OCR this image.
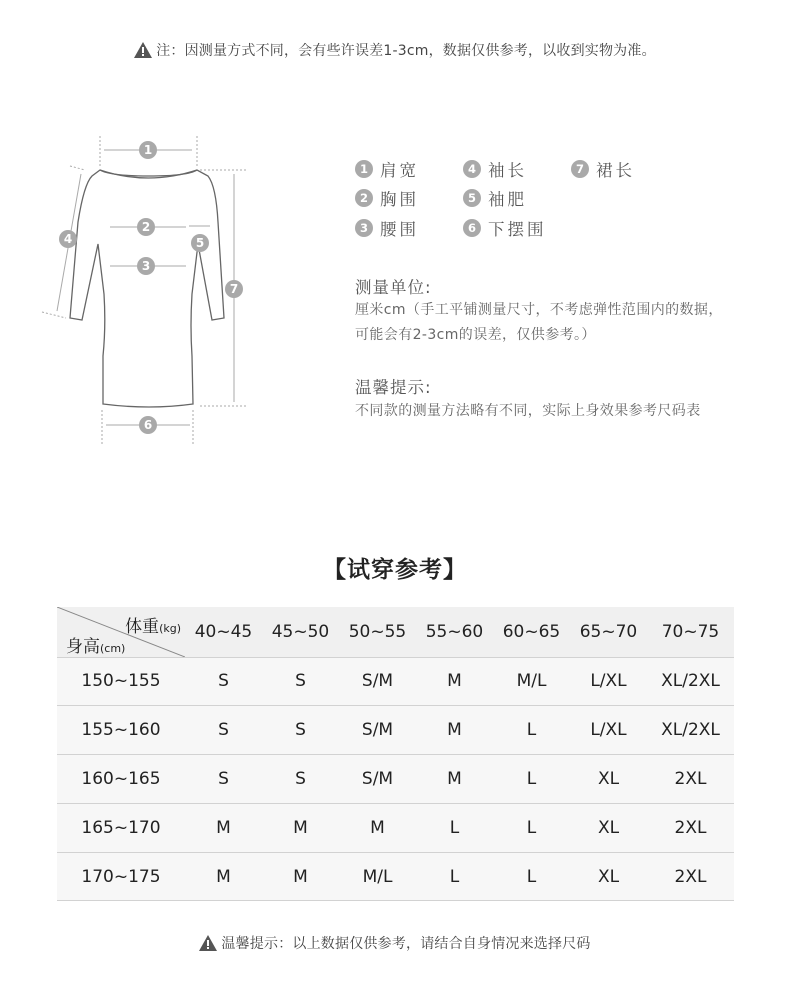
注：因测量方式不同，会有些许误差1-3cm，数据仅供参考，以收到实物为准。
1
2
3
4	5
6
7
1 肩宽	4 袖长	7 裙长
2 胸围	5 袖肥
3 腰围	6 下摆围
测量单位:
厘米cm（手工平铺测量尺寸，不考虑弹性范围内的数据，
可能会有2-3cm的误差，仅供参考。）
温馨提示:
不同款的测量方法略有不同，实际上身效果参考尺码表
【试穿参考】
体重(kg)
身高(cm)	40~45	45~50	50~55	55~60	60~65	65~70	70~75
150~155	S	S	S/M	M	M/L	L/XL	XL/2XL
155~160	S	S	S/M	M	L	L/XL	XL/2XL
160~165	S	S	S/M	M	L	XL	2XL
165~170	M	M	M	L	L	XL	2XL
170~175	M	M	M/L	L	L	XL	2XL
温馨提示：以上数据仅供参考，请结合自身情况来选择尺码
